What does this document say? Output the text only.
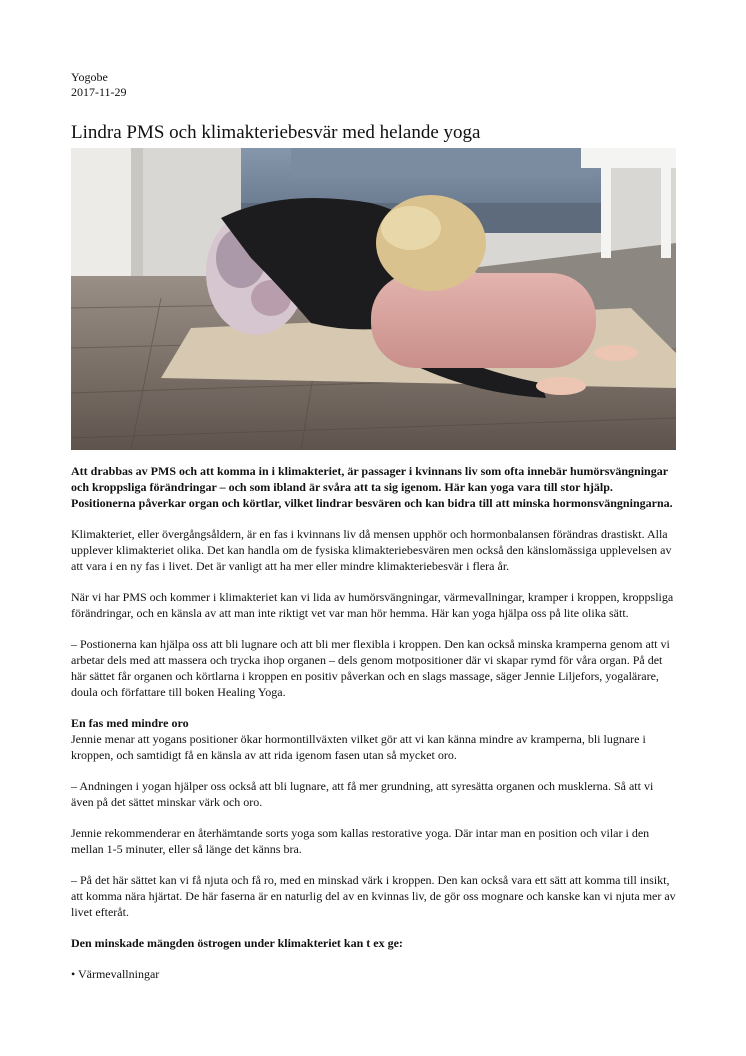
Yogobe

2017-11-29

Lindra PMS och klimakteriebesvär med helande yoga

Att drabbas av PMS och att komma in i klimakteriet, är passager i kvinnans liv som ofta innebär humörsvängningar och kroppsliga förändringar – och som ibland är svåra att ta sig igenom. Här kan yoga vara till stor hjälp. Positionerna påverkar organ och körtlar, vilket lindrar besvären och kan bidra till att minska hormonsvängningarna.

Klimakteriet, eller övergångsåldern, är en fas i kvinnans liv då mensen upphör och hormonbalansen förändras drastiskt. Alla upplever klimakteriet olika. Det kan handla om de fysiska klimakteriebesvären men också den känslomässiga upplevelsen av att vara i en ny fas i livet. Det är vanligt att ha mer eller mindre klimakteriebesvär i flera år.

När vi har PMS och kommer i klimakteriet kan vi lida av humörsvängningar, värmevallningar, kramper i kroppen, kroppsliga förändringar, och en känsla av att man inte riktigt vet var man hör hemma. Här kan yoga hjälpa oss på lite olika sätt.

– Postionerna kan hjälpa oss att bli lugnare och att bli mer flexibla i kroppen. Den kan också minska kramperna genom att vi arbetar dels med att massera och trycka ihop organen – dels genom motpositioner där vi skapar rymd för våra organ. På det här sättet får organen och körtlarna i kroppen en positiv påverkan och en slags massage, säger Jennie Liljefors, yogalärare, doula och författare till boken Healing Yoga.

En fas med mindre oro
Jennie menar att yogans positioner ökar hormontillväxten vilket gör att vi kan känna mindre av kramperna, bli lugnare i kroppen, och samtidigt få en känsla av att rida igenom fasen utan så mycket oro.

– Andningen i yogan hjälper oss också att bli lugnare, att få mer grundning, att syresätta organen och musklerna. Så att vi även på det sättet minskar värk och oro.

Jennie rekommenderar en återhämtande sorts yoga som kallas restorative yoga. Där intar man en position och vilar i den mellan 1-5 minuter, eller så länge det känns bra.

– På det här sättet kan vi få njuta och få ro, med en minskad värk i kroppen. Den kan också vara ett sätt att komma till insikt, att komma nära hjärtat. De här faserna är en naturlig del av en kvinnas liv, de gör oss mognare och kanske kan vi njuta mer av livet efteråt.

Den minskade mängden östrogen under klimakteriet kan t ex ge:

• Värmevallningar
